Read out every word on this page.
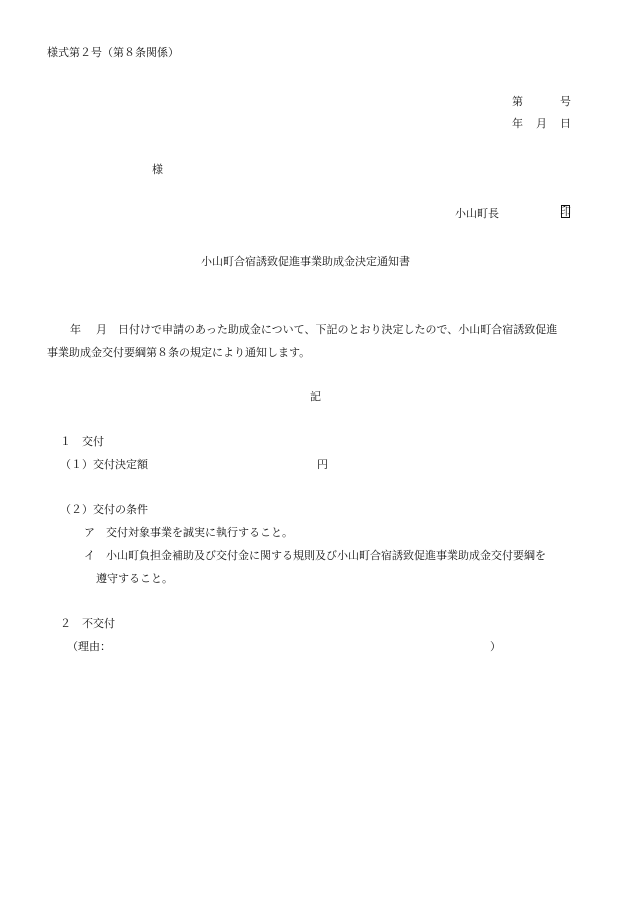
様式第２号（第８条関係）
第	号
年 月 日
様
小山町長	印
小山町合宿誘致促進事業助成金決定通知書
年 月 日付けで申請のあった助成金について、下記のとおり決定したので、小山町合宿誘致促進
事業助成金交付要綱第８条の規定により通知します。
記
１　交付
（１）交付決定額	円
（２）交付の条件
ア　交付対象事業を誠実に執行すること。
イ　小山町負担金補助及び交付金に関する規則及び小山町合宿誘致促進事業助成金交付要綱を
遵守すること。
２　不交付
（理由：	）
